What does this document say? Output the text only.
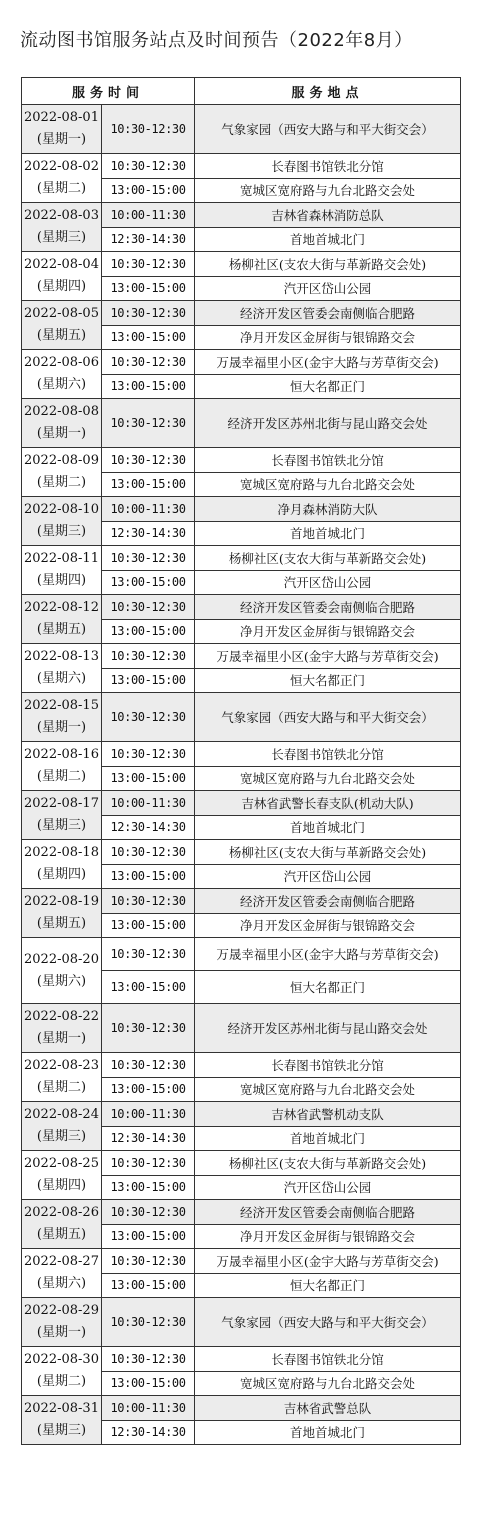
流动图书馆服务站点及时间预告（2022年8月）
服务时间		服务地点

2022-08-01
(星期一)	10:30-12:30	气象家园（西安大路与和平大街交会）

2022-08-02
(星期二)	10:30-12:30	长春图书馆铁北分馆
	13:00-15:00	宽城区宽府路与九台北路交会处

2022-08-03
(星期三)	10:00-11:30	吉林省森林消防总队
	12:30-14:30	首地首城北门

2022-08-04
(星期四)	10:30-12:30	杨柳社区(支农大街与革新路交会处)
	13:00-15:00	汽开区岱山公园

2022-08-05
(星期五)	10:30-12:30	经济开发区管委会南侧临合肥路
	13:00-15:00	净月开发区金屏街与银锦路交会

2022-08-06
(星期六)	10:30-12:30	万晟幸福里小区(金宇大路与芳草街交会)
	13:00-15:00	恒大名都正门

2022-08-08
(星期一)	10:30-12:30	经济开发区苏州北街与昆山路交会处

2022-08-09
(星期二)	10:30-12:30	长春图书馆铁北分馆
	13:00-15:00	宽城区宽府路与九台北路交会处

2022-08-10
(星期三)	10:00-11:30	净月森林消防大队
	12:30-14:30	首地首城北门

2022-08-11
(星期四)	10:30-12:30	杨柳社区(支农大街与革新路交会处)
	13:00-15:00	汽开区岱山公园

2022-08-12
(星期五)	10:30-12:30	经济开发区管委会南侧临合肥路
	13:00-15:00	净月开发区金屏街与银锦路交会

2022-08-13
(星期六)	10:30-12:30	万晟幸福里小区(金宇大路与芳草街交会)
	13:00-15:00	恒大名都正门

2022-08-15
(星期一)	10:30-12:30	气象家园（西安大路与和平大街交会）

2022-08-16
(星期二)	10:30-12:30	长春图书馆铁北分馆
	13:00-15:00	宽城区宽府路与九台北路交会处

2022-08-17
(星期三)	10:00-11:30	吉林省武警长春支队(机动大队)
	12:30-14:30	首地首城北门

2022-08-18
(星期四)	10:30-12:30	杨柳社区(支农大街与革新路交会处)
	13:00-15:00	汽开区岱山公园

2022-08-19
(星期五)	10:30-12:30	经济开发区管委会南侧临合肥路
	13:00-15:00	净月开发区金屏街与银锦路交会

2022-08-20
(星期六)	10:30-12:30	万晟幸福里小区(金宇大路与芳草街交会)
	13:00-15:00	恒大名都正门

2022-08-22
(星期一)	10:30-12:30	经济开发区苏州北街与昆山路交会处

2022-08-23
(星期二)	10:30-12:30	长春图书馆铁北分馆
	13:00-15:00	宽城区宽府路与九台北路交会处

2022-08-24
(星期三)	10:00-11:30	吉林省武警机动支队
	12:30-14:30	首地首城北门

2022-08-25
(星期四)	10:30-12:30	杨柳社区(支农大街与革新路交会处)
	13:00-15:00	汽开区岱山公园

2022-08-26
(星期五)	10:30-12:30	经济开发区管委会南侧临合肥路
	13:00-15:00	净月开发区金屏街与银锦路交会

2022-08-27
(星期六)	10:30-12:30	万晟幸福里小区(金宇大路与芳草街交会)
	13:00-15:00	恒大名都正门

2022-08-29
(星期一)	10:30-12:30	气象家园（西安大路与和平大街交会）

2022-08-30
(星期二)	10:30-12:30	长春图书馆铁北分馆
	13:00-15:00	宽城区宽府路与九台北路交会处

2022-08-31
(星期三)	10:00-11:30	吉林省武警总队
	12:30-14:30	首地首城北门
